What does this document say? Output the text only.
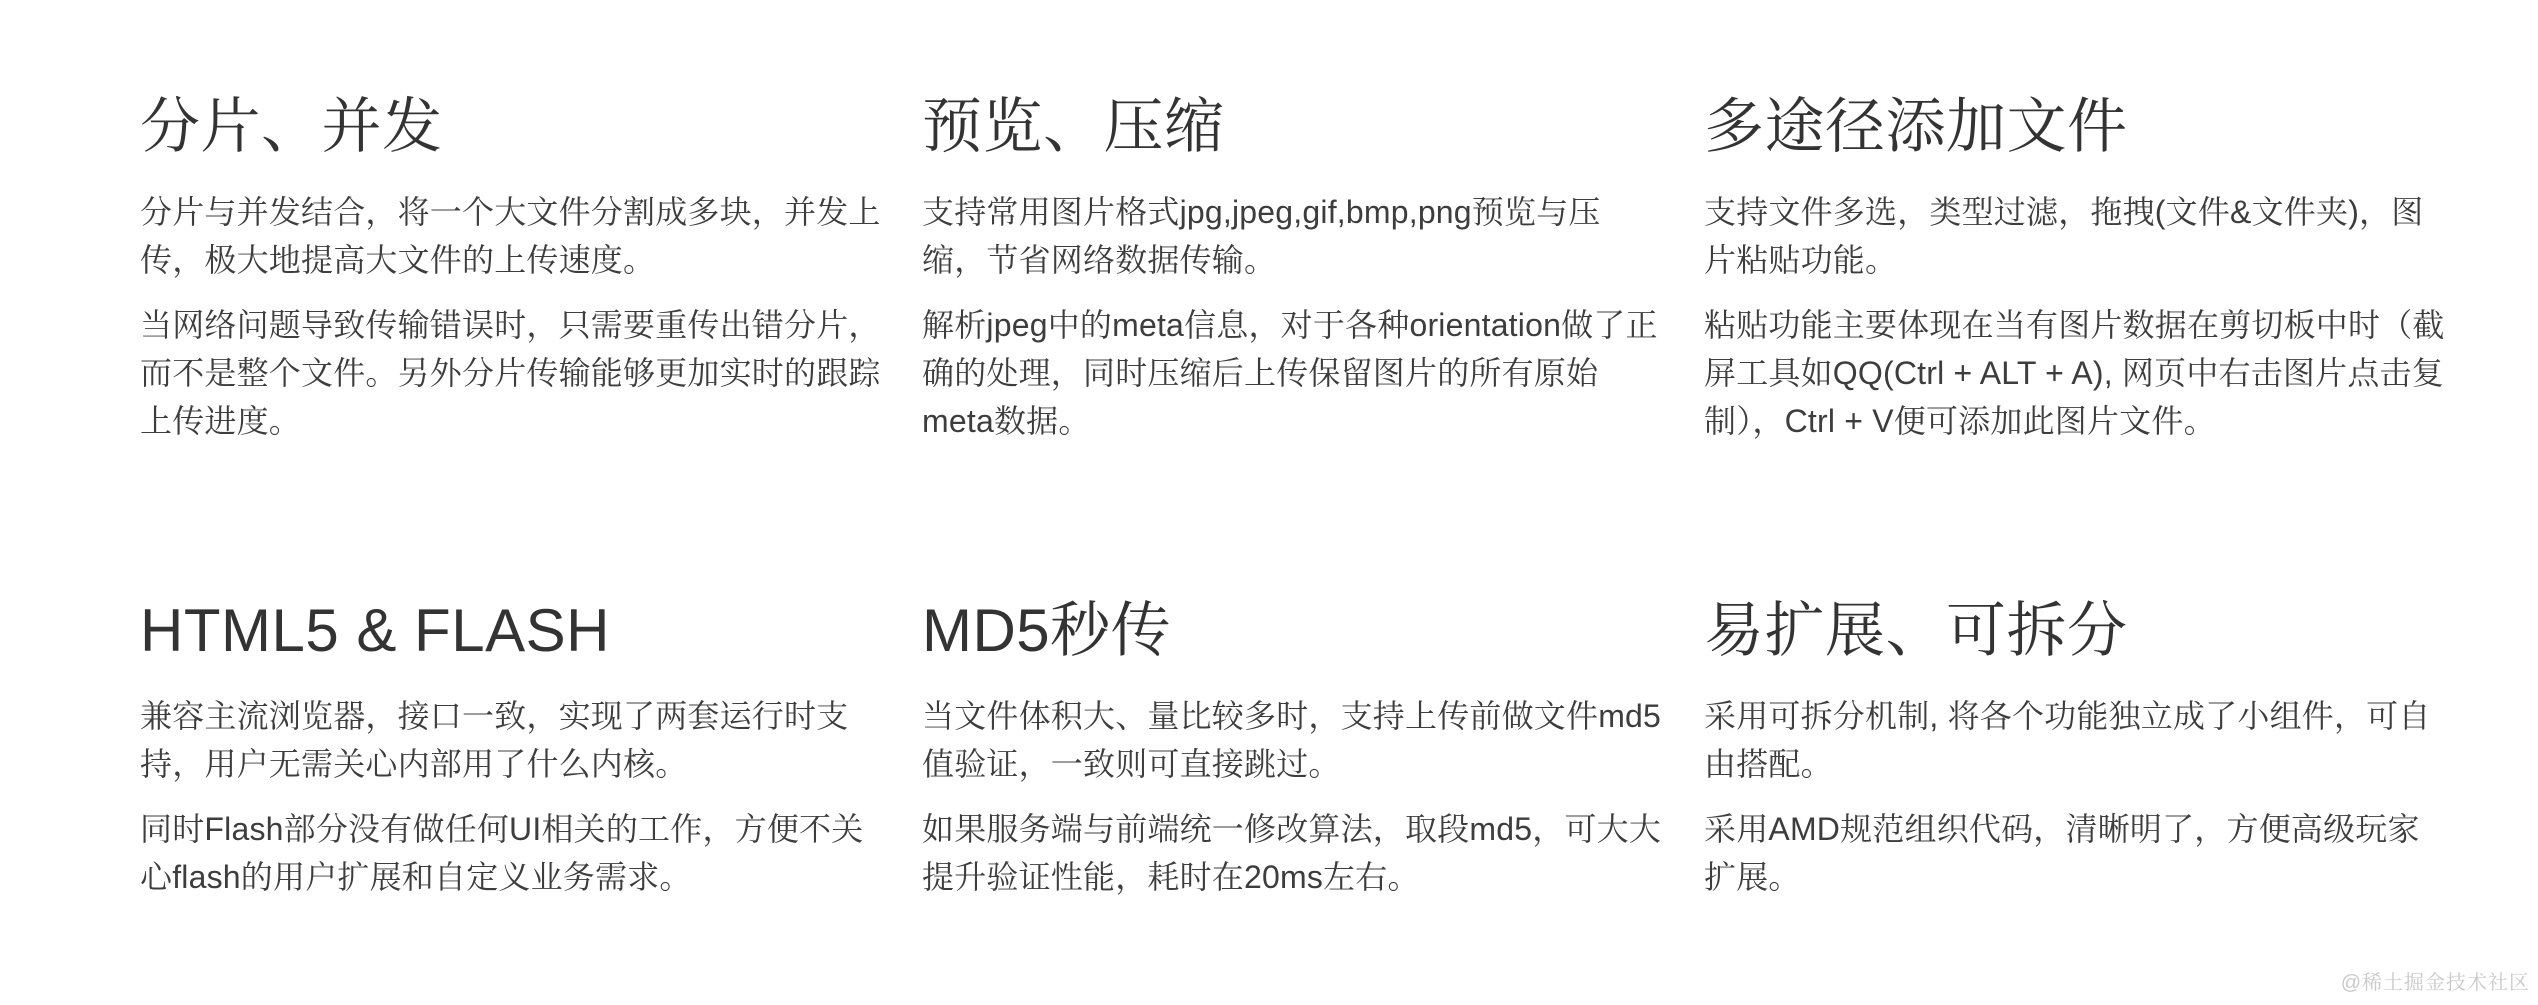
分片、并发

分片与并发结合，将一个大文件分割成多块，并发上传，极大地提高大文件的上传速度。

当网络问题导致传输错误时，只需要重传出错分片，而不是整个文件。另外分片传输能够更加实时的跟踪上传进度。

预览、压缩

支持常用图片格式jpg,jpeg,gif,bmp,png预览与压缩，节省网络数据传输。

解析jpeg中的meta信息，对于各种orientation做了正确的处理，同时压缩后上传保留图片的所有原始meta数据。

多途径添加文件

支持文件多选，类型过滤，拖拽(文件&文件夹)，图片粘贴功能。

粘贴功能主要体现在当有图片数据在剪切板中时（截屏工具如QQ(Ctrl + ALT + A), 网页中右击图片点击复制），Ctrl + V便可添加此图片文件。

HTML5 & FLASH

兼容主流浏览器，接口一致，实现了两套运行时支持，用户无需关心内部用了什么内核。

同时Flash部分没有做任何UI相关的工作，方便不关心flash的用户扩展和自定义业务需求。

MD5秒传

当文件体积大、量比较多时，支持上传前做文件md5值验证，一致则可直接跳过。

如果服务端与前端统一修改算法，取段md5，可大大提升验证性能，耗时在20ms左右。

易扩展、可拆分

采用可拆分机制, 将各个功能独立成了小组件，可自由搭配。

采用AMD规范组织代码，清晰明了，方便高级玩家扩展。

@稀土掘金技术社区
